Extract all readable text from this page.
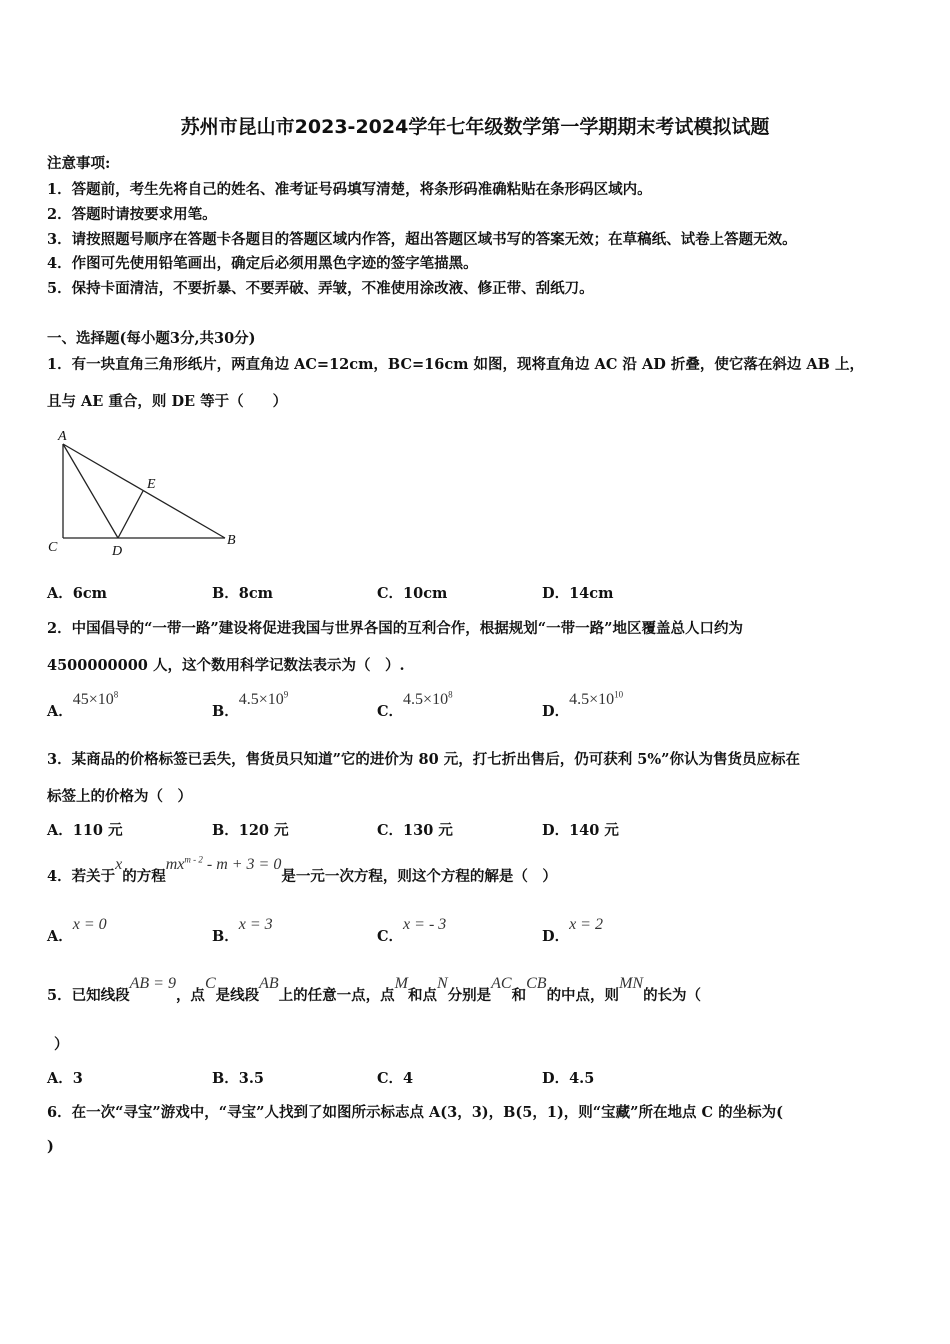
苏州市昆山市2023-2024学年七年级数学第一学期期末考试模拟试题
注意事项:
1．答题前，考生先将自己的姓名、准考证号码填写清楚，将条形码准确粘贴在条形码区域内。
2．答题时请按要求用笔。
3．请按照题号顺序在答题卡各题目的答题区域内作答，超出答题区域书写的答案无效；在草稿纸、试卷上答题无效。
4．作图可先使用铅笔画出，确定后必须用黑色字迹的签字笔描黑。
5．保持卡面清洁，不要折暴、不要弄破、弄皱，不准使用涂改液、修正带、刮纸刀。
一、选择题(每小题3分,共30分)
1．有一块直角三角形纸片，两直角边 AC=12cm，BC=16cm 如图，现将直角边 AC 沿 AD 折叠，使它落在斜边 AB 上，
且与 AE 重合，则 DE 等于（　　）
A
E
C	D
B
A．6cm	B．8cm	C．10cm	D．14cm
2．中国倡导的“一带一路”建设将促进我国与世界各国的互利合作，根据规划“一带一路”地区覆盖总人口约为
4500000000 人，这个数用科学记数法表示为（　）.
A．$45\times 10^8$
B．$4.5\times 10^9$
C．$4.5\times 10^8$
D．$4.5\times 10^{10}$
3．某商品的价格标签已丢失，售货员只知道”它的进价为 80 元，打七折出售后，仍可获利 5%”你认为售货员应标在
标签上的价格为（　）
A．110 元	B．120 元	C．130 元	D．140 元
4．若关于x的方程$mx^{m - 2} - m + 3 = 0$是一元一次方程，则这个方程的解是（　）
A．x = 0
B．x = 3
C．x = - 3
D．x = 2
5．已知线段AB = 9，点C是线段AB上的任意一点，点M和点N分别是AC和CB的中点，则MN的长为（
）
A．3	B．3.5	C．4	D．4.5
6．在一次“寻宝”游戏中，“寻宝”人找到了如图所示标志点 A(3，3)，B(5，1)，则“宝藏”所在地点 C 的坐标为(
)
